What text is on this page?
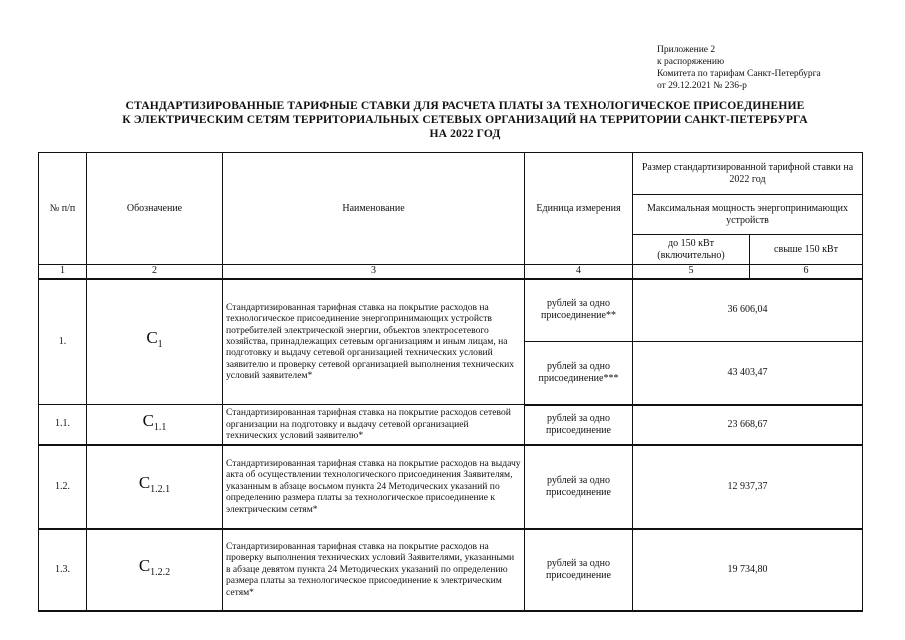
Приложение 2
к распоряжению
Комитета по тарифам Санкт-Петербурга
от 29.12.2021 № 236-р
СТАНДАРТИЗИРОВАННЫЕ ТАРИФНЫЕ СТАВКИ ДЛЯ РАСЧЕТА ПЛАТЫ ЗА ТЕХНОЛОГИЧЕСКОЕ ПРИСОЕДИНЕНИЕ
К ЭЛЕКТРИЧЕСКИМ СЕТЯМ ТЕРРИТОРИАЛЬНЫХ СЕТЕВЫХ ОРГАНИЗАЦИЙ НА ТЕРРИТОРИИ САНКТ-ПЕТЕРБУРГА
НА 2022 ГОД
№ п/п	Обозначение	Наименование	Единица измерения	Размер стандартизированной тарифной ставки на 2022 год	
				Максимальная мощность энергопринимающих устройств	
				до 150 кВт (включительно)	свыше 150 кВт
1	2	3	4	5	6
1.	$C_1$	Стандартизированная тарифная ставка на покрытие расходов на технологическое присоединение энергопринимающих устройств потребителей электрической энергии, объектов электросетевого хозяйства, принадлежащих сетевым организациям и иным лицам, на подготовку и выдачу сетевой организацией технических условий заявителю и проверку сетевой организацией выполнения технических условий заявителем*	рублей за одно присоединение**	36 606,04	
			рублей за одно присоединение***	43 403,47	
1.1.	$C_{1.1}$	Стандартизированная тарифная ставка на покрытие расходов сетевой организации на подготовку и выдачу сетевой организацией технических условий заявителю*	рублей за одно присоединение	23 668,67	
1.2.	$C_{1.2.1}$	Стандартизированная тарифная ставка на покрытие расходов на выдачу акта об осуществлении технологического присоединения Заявителям, указанным в абзаце восьмом пункта 24 Методических указаний по определению размера платы за технологическое присоединение к электрическим сетям*	рублей за одно присоединение	12 937,37	
1.3.	$C_{1.2.2}$	Стандартизированная тарифная ставка на покрытие расходов на проверку выполнения технических условий Заявителями, указанными в абзаце девятом пункта 24 Методических указаний по определению размера платы за технологическое присоединение к электрическим сетям*	рублей за одно присоединение	19 734,80	
